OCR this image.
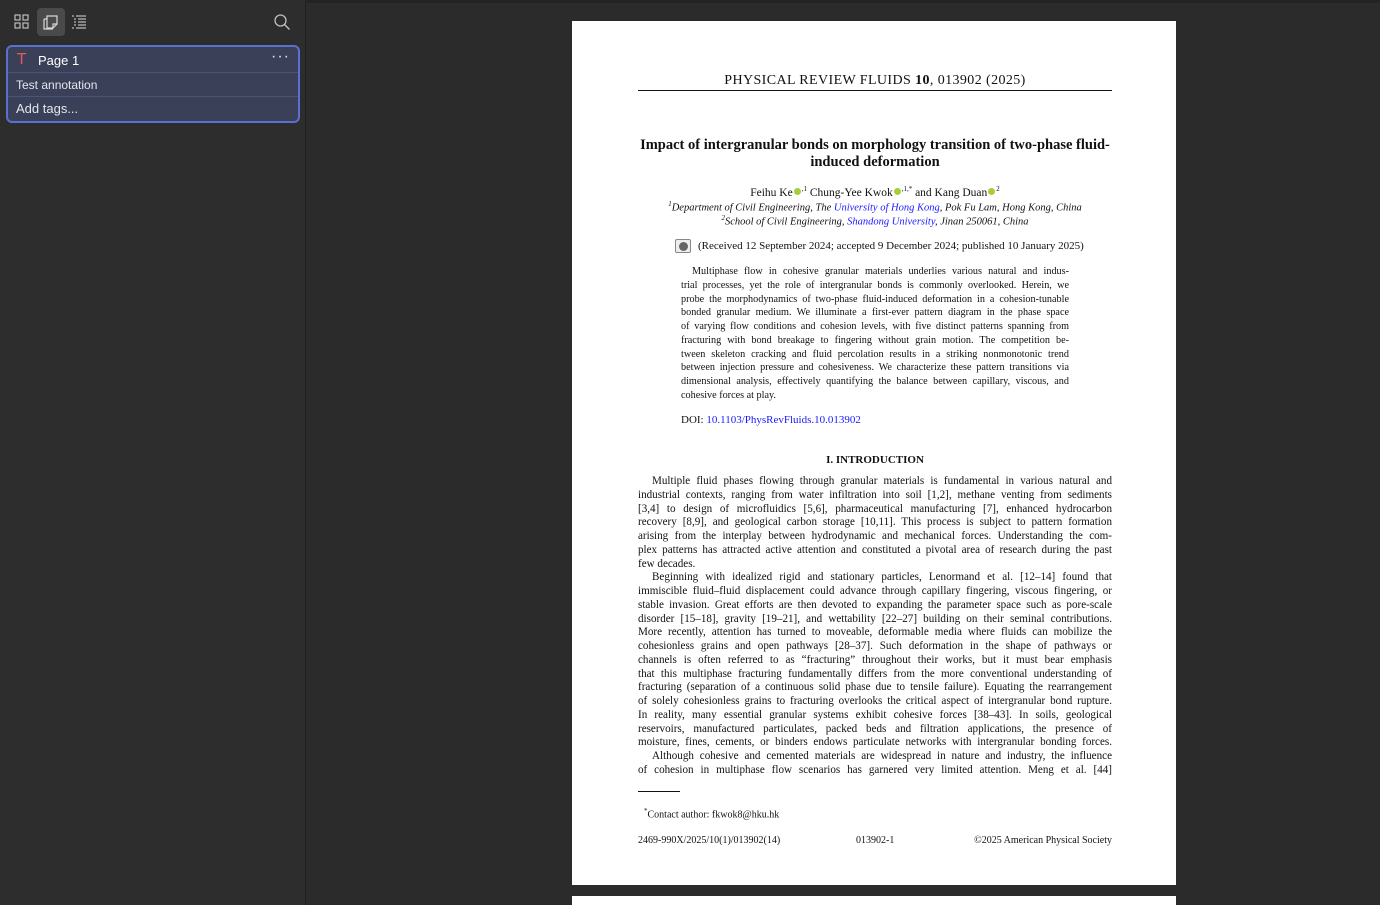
T Page 1	···
Test annotation
Add tags...
PHYSICAL REVIEW FLUIDS 10, 013902 (2025)
Impact of intergranular bonds on morphology transition of two-phase fluid-induced deformation
Feihu Ke $^{,1}$ Chung-Yee Kwok $^{,1,*}$ and Kang Duan $^2$
$^1$Department of Civil Engineering, The University of Hong Kong, Pok Fu Lam, Hong Kong, China
$^2$School of Civil Engineering, Shandong University, Jinan 250061, China
(Received 12 September 2024; accepted 9 December 2024; published 10 January 2025)
Multiphase flow in cohesive granular materials underlies various natural and indus-
trial processes, yet the role of intergranular bonds is commonly overlooked. Herein, we
probe the morphodynamics of two-phase fluid-induced deformation in a cohesion-tunable
bonded granular medium. We illuminate a first-ever pattern diagram in the phase space
of varying flow conditions and cohesion levels, with five distinct patterns spanning from
fracturing with bond breakage to fingering without grain motion. The competition be-
tween skeleton cracking and fluid percolation results in a striking nonmonotonic trend
between injection pressure and cohesiveness. We characterize these pattern transitions via
dimensional analysis, effectively quantifying the balance between capillary, viscous, and
cohesive forces at play.
DOI: 10.1103/PhysRevFluids.10.013902
I. INTRODUCTION
Multiple fluid phases flowing through granular materials is fundamental in various natural and
industrial contexts, ranging from water infiltration into soil [1,2], methane venting from sediments
[3,4] to design of microfluidics [5,6], pharmaceutical manufacturing [7], enhanced hydrocarbon
recovery [8,9], and geological carbon storage [10,11]. This process is subject to pattern formation
arising from the interplay between hydrodynamic and mechanical forces. Understanding the com-
plex patterns has attracted active attention and constituted a pivotal area of research during the past
few decades.
Beginning with idealized rigid and stationary particles, Lenormand et al. [12–14] found that
immiscible fluid–fluid displacement could advance through capillary fingering, viscous fingering, or
stable invasion. Great efforts are then devoted to expanding the parameter space such as pore-scale
disorder [15–18], gravity [19–21], and wettability [22–27] building on their seminal contributions.
More recently, attention has turned to moveable, deformable media where fluids can mobilize the
cohesionless grains and open pathways [28–37]. Such deformation in the shape of pathways or
channels is often referred to as “fracturing” throughout their works, but it must bear emphasis
that this multiphase fracturing fundamentally differs from the more conventional understanding of
fracturing (separation of a continuous solid phase due to tensile failure). Equating the rearrangement
of solely cohesionless grains to fracturing overlooks the critical aspect of intergranular bond rupture.
In reality, many essential granular systems exhibit cohesive forces [38–43]. In soils, geological
reservoirs, manufactured particulates, packed beds and filtration applications, the presence of
moisture, fines, cements, or binders endows particulate networks with intergranular bonding forces.
Although cohesive and cemented materials are widespread in nature and industry, the influence
of cohesion in multiphase flow scenarios has garnered very limited attention. Meng et al. [44]
*Contact author: fkwok8@hku.hk
2469-990X/2025/10(1)/013902(14)	013902-1	©2025 American Physical Society
